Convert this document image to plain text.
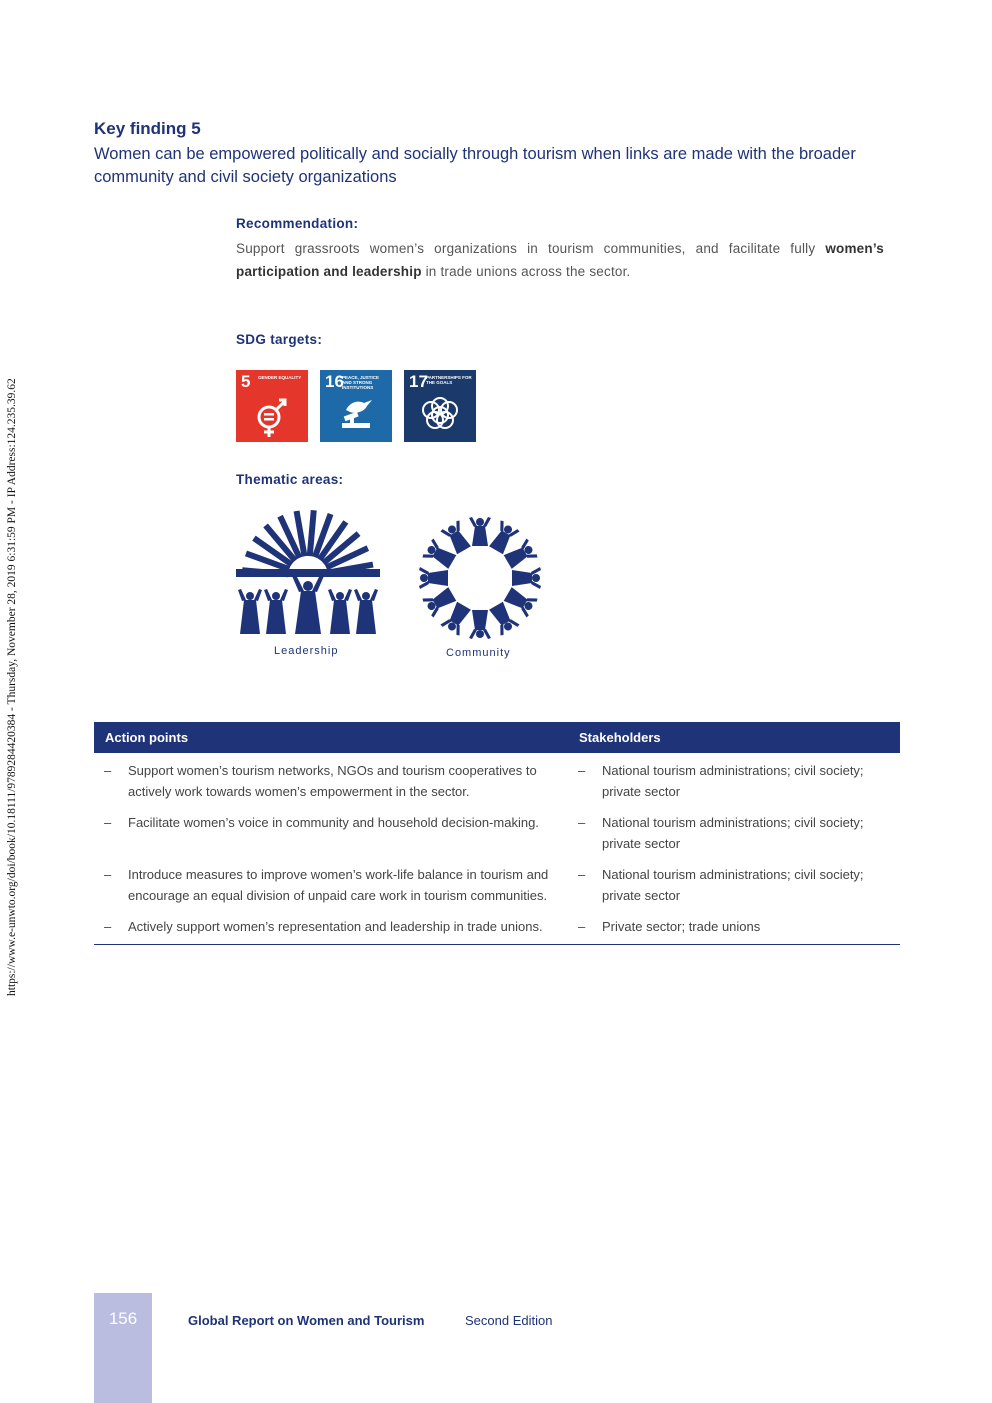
https://www.e-unwto.org/doi/book/10.18111/9789284420384 - Thursday, November 28, 2019 6:31:59 PM - IP Address:124.235.39.62
Key finding 5
Women can be empowered politically and socially through tourism when links are made with the broader community and civil society organizations
Recommendation:
Support grassroots women’s organizations in tourism communities, and facilitate fully women’s participation and leadership in trade unions across the sector.
SDG targets:
5 GENDER EQUALITY 16
PEACE, JUSTICE AND STRONG INSTITUTIONS	17
PARTNERSHIPS FOR THE GOALS
Thematic areas:
Leadership	Community
Action points		Stakeholders	
–	Support women’s tourism networks, NGOs and tourism cooperatives to actively work towards women’s empowerment in the sector.	–	National tourism administrations; civil society; private sector
–	Facilitate women’s voice in community and household decision-making.	–	National tourism administrations; civil society; private sector
–	Introduce measures to improve women’s work-life balance in tourism and encourage an equal division of unpaid care work in tourism communities.	–	National tourism administrations; civil society; private sector
–	Actively support women’s representation and leadership in trade unions.	–	Private sector; trade unions
156	Global Report on Women and Tourism	Second Edition
